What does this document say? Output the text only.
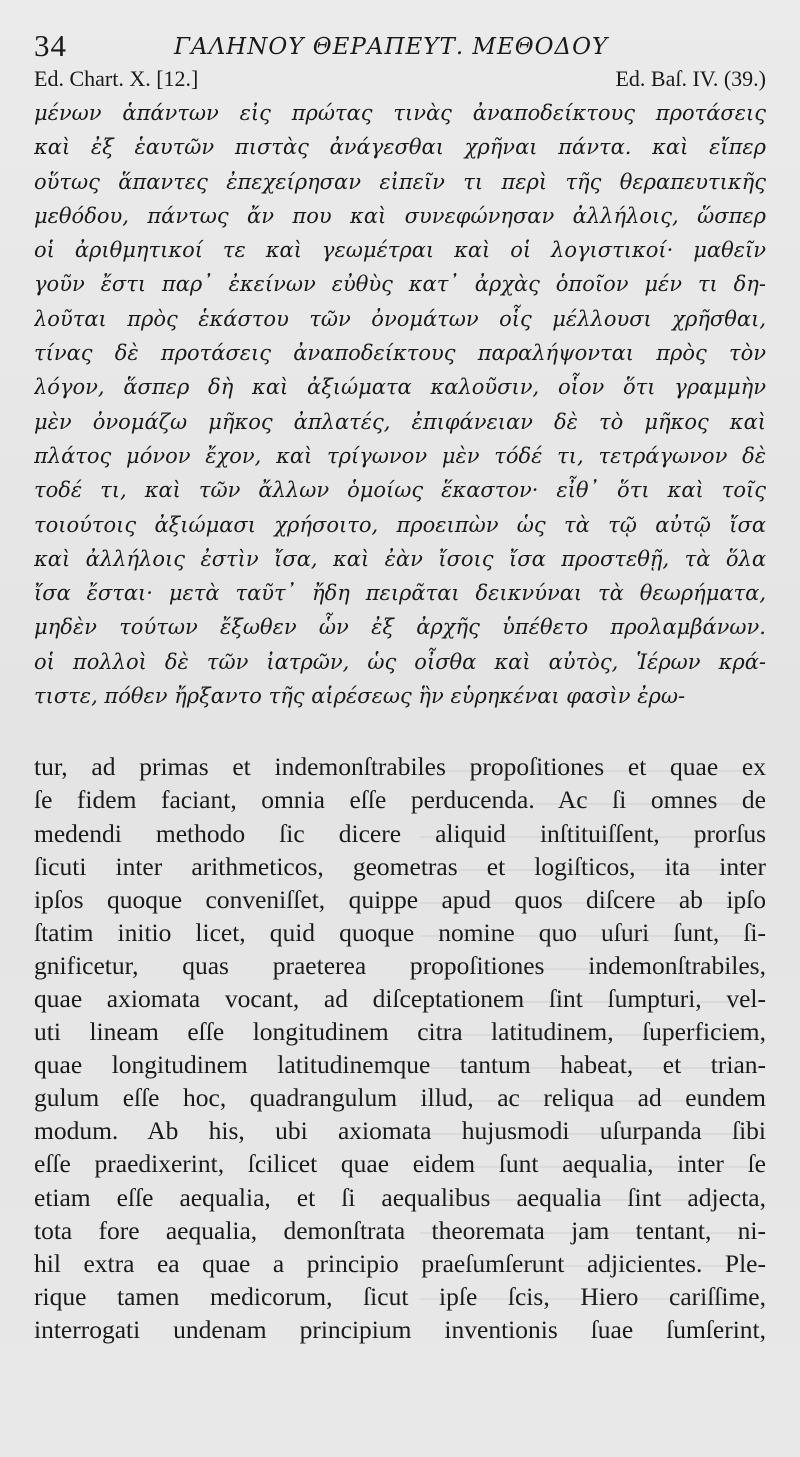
34	ΓΑΛΗΝΟΥ ΘΕΡΑΠΕΥΤ. ΜΕΘΟΔΟΥ
Ed. Chart. X. [12.]	Ed. Baſ. IV. (39.)
μένων ἁπάντων εἰς πρώτας τινὰς ἀναποδείκτους προτάσεις
καὶ ἐξ ἑαυτῶν πιστὰς ἀνάγεσθαι χρῆναι πάντα. καὶ εἴπερ
οὕτως ἅπαντες ἐπεχείρησαν εἰπεῖν τι περὶ τῆς θεραπευτικῆς
μεθόδου, πάντως ἄν που καὶ συνεφώνησαν ἀλλήλοις, ὥσπερ
οἱ ἀριθμητικοί τε καὶ γεωμέτραι καὶ οἱ λογιστικοί· μαθεῖν
γοῦν ἔστι παρ᾽ ἐκείνων εὐθὺς κατ᾽ ἀρχὰς ὁποῖον μέν τι δη-
λοῦται πρὸς ἑκάστου τῶν ὀνομάτων οἷς μέλλουσι χρῆσθαι,
τίνας δὲ προτάσεις ἀναποδείκτους παραλήψονται πρὸς τὸν
λόγον, ἅσπερ δὴ καὶ ἀξιώματα καλοῦσιν, οἷον ὅτι γραμμὴν
μὲν ὀνομάζω μῆκος ἀπλατές, ἐπιφάνειαν δὲ τὸ μῆκος καὶ
πλάτος μόνον ἔχον, καὶ τρίγωνον μὲν τόδέ τι, τετράγωνον δὲ
τοδέ τι, καὶ τῶν ἄλλων ὁμοίως ἕκαστον· εἶθ᾽ ὅτι καὶ τοῖς
τοιούτοις ἀξιώμασι χρήσοιτο, προειπὼν ὡς τὰ τῷ αὐτῷ ἴσα
καὶ ἀλλήλοις ἐστὶν ἴσα, καὶ ἐὰν ἴσοις ἴσα προστεθῇ, τὰ ὅλα
ἴσα ἔσται· μετὰ ταῦτ᾽ ἤδη πειρᾶται δεικνύναι τὰ θεωρήματα,
μηδὲν τούτων ἔξωθεν ὧν ἐξ ἀρχῆς ὑπέθετο προλαμβάνων.
οἱ πολλοὶ δὲ τῶν ἰατρῶν, ὡς οἶσθα καὶ αὐτὸς, Ἱέρων κρά-
τιστε, πόθεν ἤρξαντο τῆς αἱρέσεως ἣν εὑρηκέναι φασὶν ἐρω-
tur, ad primas et indemonſtrabiles propoſitiones et quae ex
ſe fidem faciant, omnia eſſe perducenda. Ac ſi omnes de
medendi methodo ſic dicere aliquid inſtituiſſent, prorſus
ſicuti inter arithmeticos, geometras et logiſticos, ita inter
ipſos quoque conveniſſet, quippe apud quos diſcere ab ipſo
ſtatim initio licet, quid quoque nomine quo uſuri ſunt, ſi-
gnificetur, quas praeterea propoſitiones indemonſtrabiles,
quae axiomata vocant, ad diſceptationem ſint ſumpturi, vel-
uti lineam eſſe longitudinem citra latitudinem, ſuperficiem,
quae longitudinem latitudinemque tantum habeat, et trian-
gulum eſſe hoc, quadrangulum illud, ac reliqua ad eundem
modum. Ab his, ubi axiomata hujusmodi uſurpanda ſibi
eſſe praedixerint, ſcilicet quae eidem ſunt aequalia, inter ſe
etiam eſſe aequalia, et ſi aequalibus aequalia ſint adjecta,
tota fore aequalia, demonſtrata theoremata jam tentant, ni-
hil extra ea quae a principio praeſumſerunt adjicientes. Ple-
rique tamen medicorum, ſicut ipſe ſcis, Hiero cariſſime,
interrogati undenam principium inventionis ſuae ſumſerint,
